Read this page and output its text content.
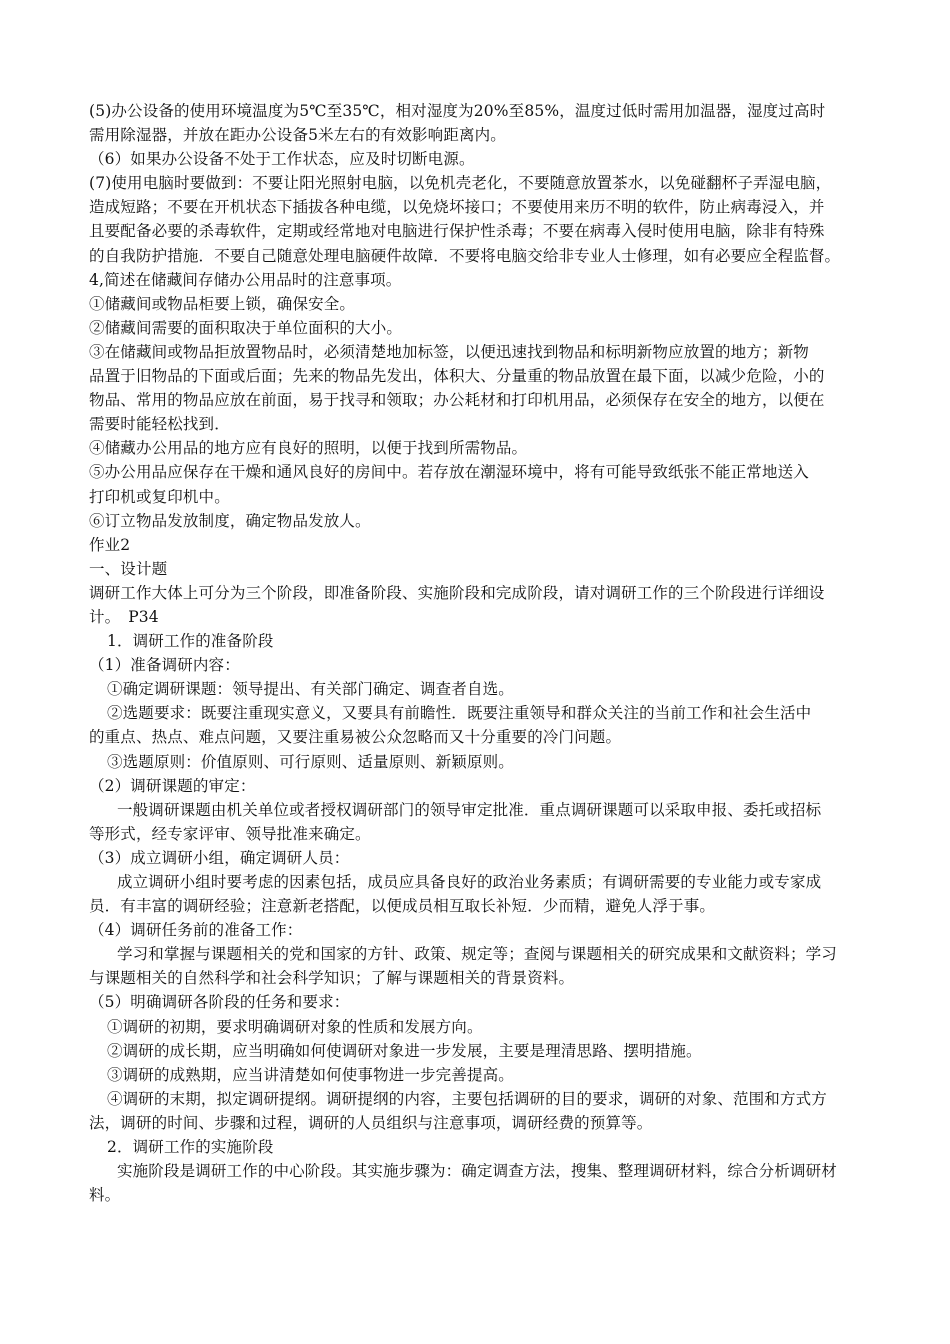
(5)办公设备的使用环境温度为5℃至35℃，相对湿度为20%至85%，温度过低时需用加温器，湿度过高时
需用除湿器，并放在距办公设备5米左右的有效影响距离内。
（6）如果办公设备不处于工作状态，应及时切断电源。
(7)使用电脑时要做到：不要让阳光照射电脑，以免机壳老化，不要随意放置茶水，以免碰翻杯子弄湿电脑，
造成短路；不要在开机状态下插拔各种电缆，以免烧坏接口；不要使用来历不明的软件，防止病毒浸入，并
且要配备必要的杀毒软件，定期或经常地对电脑进行保护性杀毒；不要在病毒入侵时使用电脑，除非有特殊
的自我防护措施．不要自己随意处理电脑硬件故障．不要将电脑交给非专业人士修理，如有必要应全程监督。
4,简述在储藏间存储办公用品时的注意事项。
①储藏间或物品柜要上锁，确保安全。
②储藏间需要的面积取决于单位面积的大小。
③在储藏间或物品拒放置物品时，必须清楚地加标签，以便迅速找到物品和标明新物应放置的地方；新物
品置于旧物品的下面或后面；先来的物品先发出，体积大、分量重的物品放置在最下面，以减少危险，小的
物品、常用的物品应放在前面，易于找寻和领取；办公耗材和打印机用品，必须保存在安全的地方，以便在
需要时能轻松找到．
④储藏办公用品的地方应有良好的照明，以便于找到所需物品。
⑤办公用品应保存在干燥和通风良好的房间中。若存放在潮湿环境中，将有可能导致纸张不能正常地送入
打印机或复印机中。
⑥订立物品发放制度，确定物品发放人。
作业2
一、设计题
调研工作大体上可分为三个阶段，即准备阶段、实施阶段和完成阶段，请对调研工作的三个阶段进行详细设
计。　P34
1．调研工作的准备阶段
（1）准备调研内容：
①确定调研课题：领导提出、有关部门确定、调查者自选。
②选题要求：既要注重现实意义，又要具有前瞻性．既要注重领导和群众关注的当前工作和社会生活中
的重点、热点、难点问题，又要注重易被公众忽略而又十分重要的冷门问题。
③选题原则：价值原则、可行原则、适量原则、新颖原则。
（2）调研课题的审定：
一般调研课题由机关单位或者授权调研部门的领导审定批准．重点调研课题可以采取申报、委托或招标
等形式，经专家评审、领导批准来确定。
（3）成立调研小组，确定调研人员：
成立调研小组时要考虑的因素包括，成员应具备良好的政治业务素质；有调研需要的专业能力或专家成
员．有丰富的调研经验；注意新老搭配，以便成员相互取长补短．少而精，避免人浮于事。
（4）调研任务前的准备工作：
学习和掌握与课题相关的党和国家的方针、政策、规定等；查阅与课题相关的研究成果和文献资料；学习
与课题相关的自然科学和社会科学知识；了解与课题相关的背景资料。
（5）明确调研各阶段的任务和要求：
①调研的初期，要求明确调研对象的性质和发展方向。
②调研的成长期，应当明确如何使调研对象进一步发展，主要是理清思路、摆明措施。
③调研的成熟期，应当讲清楚如何使事物进一步完善提高。
④调研的末期，拟定调研提纲。调研提纲的内容，主要包括调研的目的要求，调研的对象、范围和方式方
法，调研的时间、步骤和过程，调研的人员组织与注意事项，调研经费的预算等。
2．调研工作的实施阶段
实施阶段是调研工作的中心阶段。其实施步骤为：确定调查方法，搜集、整理调研材料，综合分析调研材
料。
